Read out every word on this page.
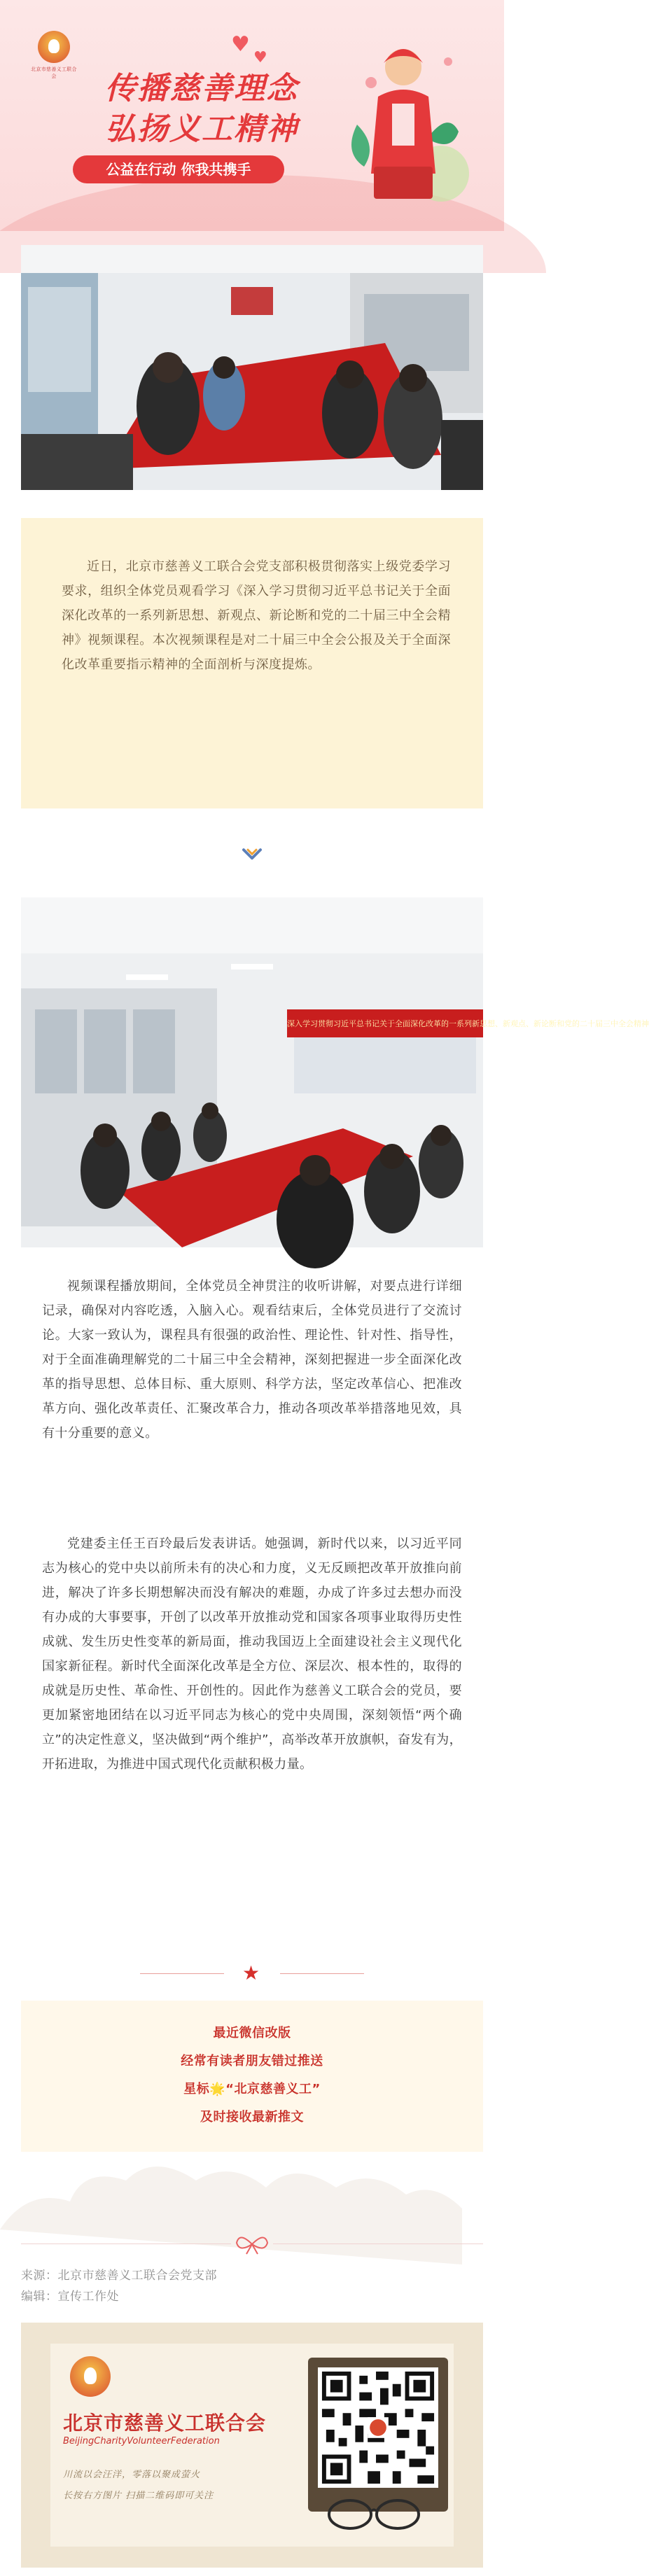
北京市慈善义工联合会
♥
♥
传播慈善理念
弘扬义工精神
公益在行动 你我共携手
近日，北京市慈善义工联合会党支部积极贯彻落实上级党委学习要求，组织全体党员观看学习《深入学习贯彻习近平总书记关于全面深化改革的一系列新思想、新观点、新论断和党的二十届三中全会精神》视频课程。本次视频课程是对二十届三中全会公报及关于全面深化改革重要指示精神的全面剖析与深度提炼。
深入学习贯彻习近平总书记关于全面深化改革的一系列新思想、新观点、新论断和党的二十届三中全会精神
视频课程播放期间，全体党员全神贯注的收听讲解，对要点进行详细记录，确保对内容吃透，入脑入心。观看结束后，全体党员进行了交流讨论。大家一致认为，课程具有很强的政治性、理论性、针对性、指导性，对于全面准确理解党的二十届三中全会精神，深刻把握进一步全面深化改革的指导思想、总体目标、重大原则、科学方法，坚定改革信心、把准改革方向、强化改革责任、汇聚改革合力，推动各项改革举措落地见效，具有十分重要的意义。
党建委主任王百玲最后发表讲话。她强调，新时代以来，以习近平同志为核心的党中央以前所未有的决心和力度，义无反顾把改革开放推向前进，解决了许多长期想解决而没有解决的难题，办成了许多过去想办而没有办成的大事要事，开创了以改革开放推动党和国家各项事业取得历史性成就、发生历史性变革的新局面，推动我国迈上全面建设社会主义现代化国家新征程。新时代全面深化改革是全方位、深层次、根本性的，取得的成就是历史性、革命性、开创性的。因此作为慈善义工联合会的党员，要更加紧密地团结在以习近平同志为核心的党中央周围，深刻领悟“两个确立”的决定性意义，坚决做到“两个维护”，高举改革开放旗帜，奋发有为，开拓进取，为推进中国式现代化贡献积极力量。
★
最近微信改版
经常有读者朋友错过推送
星标🌟“北京慈善义工”
及时接收最新推文
来源：北京市慈善义工联合会党支部
编辑：宣传工作处
北京市慈善义工联合会
BeijingCharityVolunteerFederation
川流以会汪洋，零落以聚成萤火
长按右方图片 扫描二维码即可关注
